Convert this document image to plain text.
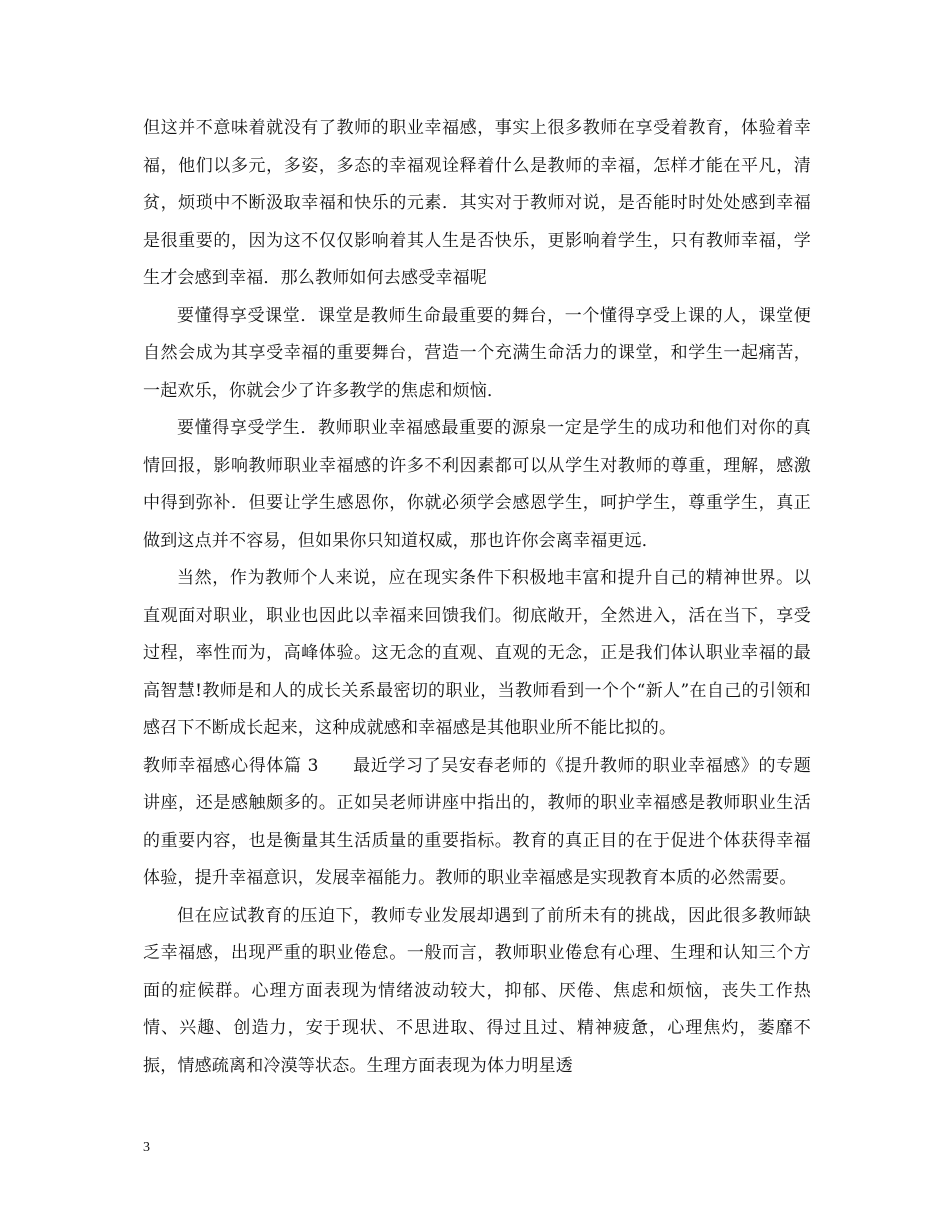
但这并不意味着就没有了教师的职业幸福感，事实上很多教师在享受着教育，体验着幸福，他们以多元，多姿，多态的幸福观诠释着什么是教师的幸福，怎样才能在平凡，清贫，烦琐中不断汲取幸福和快乐的元素．其实对于教师对说，是否能时时处处感到幸福是很重要的，因为这不仅仅影响着其人生是否快乐，更影响着学生，只有教师幸福，学生才会感到幸福．那么教师如何去感受幸福呢

要懂得享受课堂．课堂是教师生命最重要的舞台，一个懂得享受上课的人，课堂便自然会成为其享受幸福的重要舞台，营造一个充满生命活力的课堂，和学生一起痛苦，一起欢乐，你就会少了许多教学的焦虑和烦恼．

要懂得享受学生．教师职业幸福感最重要的源泉一定是学生的成功和他们对你的真情回报，影响教师职业幸福感的许多不利因素都可以从学生对教师的尊重，理解，感激中得到弥补．但要让学生感恩你，你就必须学会感恩学生，呵护学生，尊重学生，真正做到这点并不容易，但如果你只知道权威，那也许你会离幸福更远．

当然，作为教师个人来说，应在现实条件下积极地丰富和提升自己的精神世界。以直观面对职业，职业也因此以幸福来回馈我们。彻底敞开，全然进入，活在当下，享受过程，率性而为，高峰体验。这无念的直观、直观的无念，正是我们体认职业幸福的最高智慧!教师是和人的成长关系最密切的职业，当教师看到一个个“新人”在自己的引领和感召下不断成长起来，这种成就感和幸福感是其他职业所不能比拟的。

教师幸福感心得体篇 3 最近学习了吴安春老师的《提升教师的职业幸福感》的专题讲座，还是感触颇多的。正如吴老师讲座中指出的，教师的职业幸福感是教师职业生活的重要内容，也是衡量其生活质量的重要指标。教育的真正目的在于促进个体获得幸福体验，提升幸福意识，发展幸福能力。教师的职业幸福感是实现教育本质的必然需要。

但在应试教育的压迫下，教师专业发展却遇到了前所未有的挑战，因此很多教师缺乏幸福感，出现严重的职业倦怠。一般而言，教师职业倦怠有心理、生理和认知三个方面的症候群。心理方面表现为情绪波动较大，抑郁、厌倦、焦虑和烦恼，丧失工作热情、兴趣、创造力，安于现状、不思进取、得过且过、精神疲惫，心理焦灼，萎靡不振，情感疏离和冷漠等状态。生理方面表现为体力明星透

3
